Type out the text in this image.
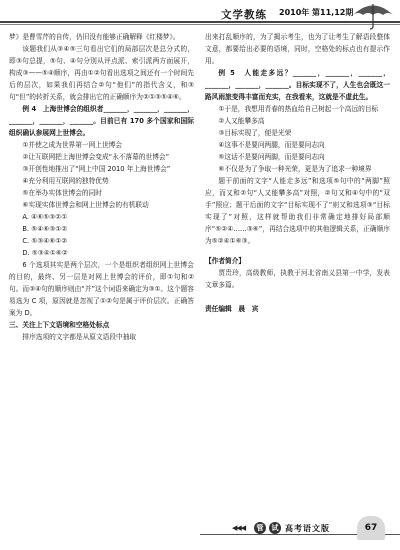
文学教练 2010年 第11,12期

梦》是曹雪芹的自传，仍旧没有能够正确解释《红楼梦》。

该题我们从③④⑤三句看出它们的局部层次是总分式的，即③句总提，⑤句、④句分别从评点派、索引派两方面展开，构成③——⑤④顺序，再由①②句看出选项之间还有一个时间先后的层次，如果我们再结合②句“他们”的指代含义，和③句“但”的转折关系，就会排出它的正确顺序为②①③⑤④⑥。

例 4　上海世博会的组织者_______，_______，_______，_______，_______，_______。目前已有 170 多个国家和国际组织确认参展网上世博会。

①并使之成为世界第一网上世博会

②让互联网把上海世博会变成“永不落幕的世博会”

③开创性地推出了“网上中国 2010 年上海世博会”

④充分利用互联网的独特优势

⑤在举办实体世博会的同时

⑥实现实体世博会和网上世博会的有机联动

A. ④⑥⑤③②①

B. ⑤④⑥③①②

C. ⑤③④⑥①②

D. ⑤③④①⑥②

6 个选项其实是两个层次，一个是组织者组织网上世博会的目的，最终、另一层是对网上世博会的评价，即①句和②句。而③④句的顺序则由“并”这个词语来确定为③①。这个题容易选为 C 项，原因就是忽视了①②句是属于评价层次。正确答案为 D。

三、关注上下文语境和空格处标点

排序选项的文字都是从原文语段中抽取

出来打乱顺序的，为了揭示考生，也为了让考生了解语段整体文意，都要给出必要的语境，同时，空格处的标点也有提示作用。

例 5　人能走多远？_______，_______，_______，_______，_______，_______。目标实现不了，人生也会既这一路风雨旅变得丰富而充实，在我看来，这就是不虚此生。

①于是，我想用青春的热血给自己树起一个高远的目标

②人又能攀多高

③目标实现了，便是光荣

④这事不是要问两腿，而是要问志向

⑤这话不是要问两脚，而是要问志向

⑥不仅是为了争取一种光荣，更是为了追求一种境界

题干前面的文字“人能走多远”和选项⑤句中的“两脚”照应，而又和②句“人又能攀多高”对照，②句又和④句中的“双手”照应；题干后面的文字“目标实现不了”则又和选项③“目标实现了”对照，这样就帮助我们非常确定地排好局部顺序“⑤②④……③⑥”，再结合选项中的其他逻辑关系，正确顺序为⑤②④①⑥③。

【作者简介】

贾贵玲，高级教师，执教于河北省南义县第一中学，发表文章多篇。

责任编辑　晨　宾

◀◀◀	管	试 高考语文版	67
